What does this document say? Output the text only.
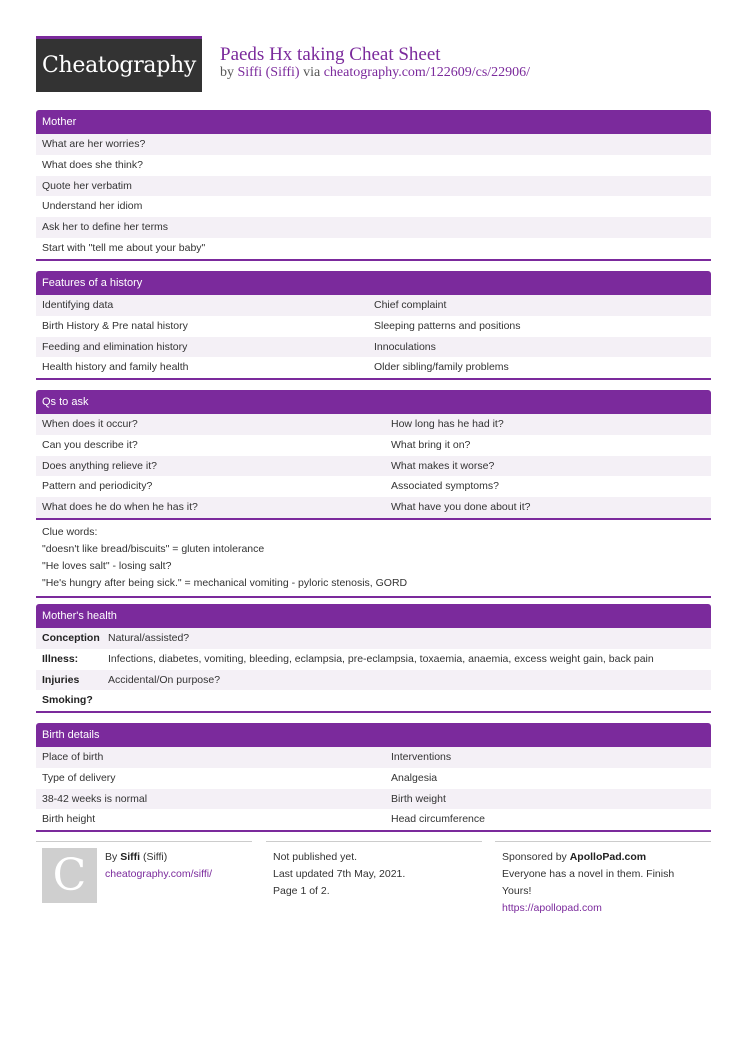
Cheatography	Paeds Hx taking Cheat Sheet
by Siffi (Siffi) via cheatography.com/122609/cs/22906/
Mother
What are her worries?
What does she think?
Quote her verbatim
Understand her idiom
Ask her to define her terms
Start with "tell me about your baby"
Features of a history
Identifying data	Chief complaint
Birth History & Pre natal history	Sleeping patterns and positions
Feeding and elimination history	Innoculations
Health history and family health	Older sibling/family problems
Qs to ask
When does it occur?	How long has he had it?
Can you describe it?	What bring it on?
Does anything relieve it?	What makes it worse?
Pattern and periodicity?	Associated symptoms?
What does he do when he has it?	What have you done about it?
Clue words:
"doesn't like bread/biscuits" = gluten intolerance
"He loves salt" - losing salt?
"He's hungry after being sick." = mechanical vomiting - pyloric stenosis, GORD
Mother's health
Conception Natural/assisted?
Illness:	Infections, diabetes, vomiting, bleeding, eclampsia, pre-eclampsia, toxaemia, anaemia, excess weight gain, back pain
Injuries	Accidental/On purpose?
Smoking?
Birth details
Place of birth	Interventions
Type of delivery	Analgesia
38-42 weeks is normal	Birth weight
Birth height	Head circumference
C	By Siffi (Siffi)
cheatography.com/siffi/
Not published yet.
Last updated 7th May, 2021.
Page 1 of 2.
Sponsored by ApolloPad.com
Everyone has a novel in them. Finish
Yours!
https://apollopad.com
